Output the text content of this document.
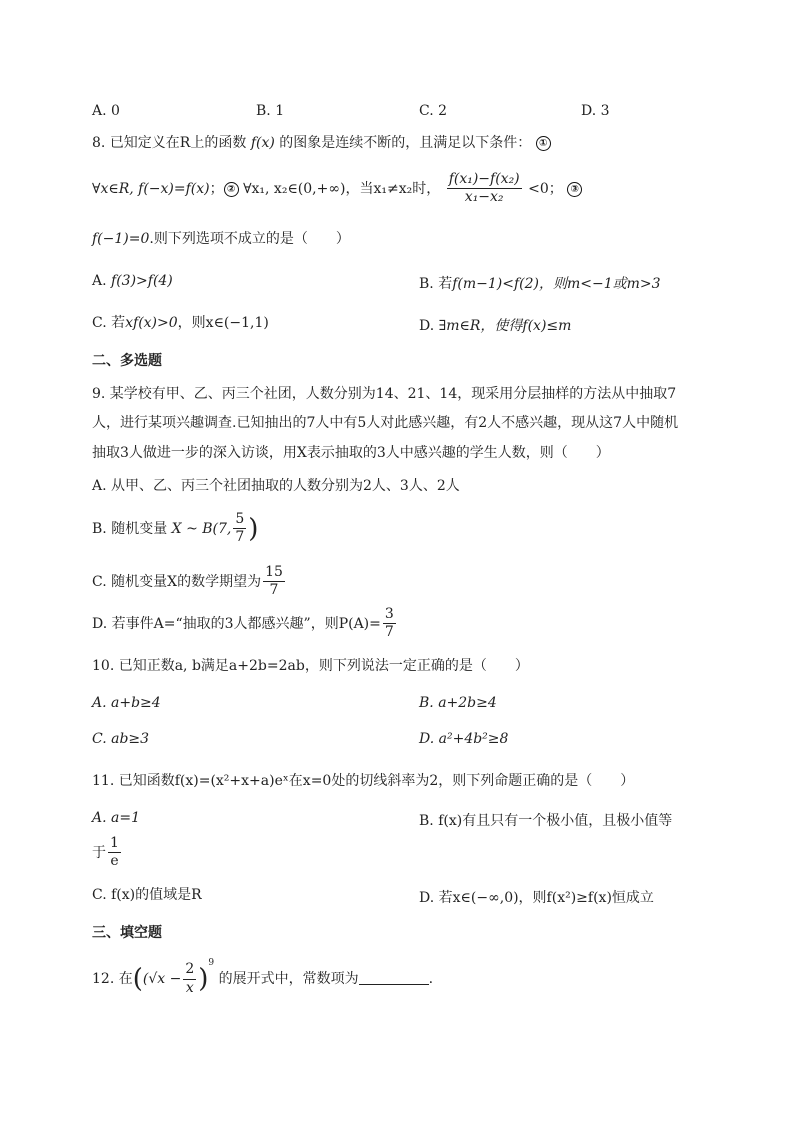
A. 0	B. 1	C. 2	D. 3
8. 已知定义在R上的函数 f(x) 的图象是连续不断的，且满足以下条件： ①
∀x∈R, f(−x)=f(x)； ② ∀x₁, x₂∈(0,+∞)，当x₁≠x₂时， $\frac{\text{f(x₁)−f(x₂)}}{\text{x₁−x₂}} <0$； ③
f(−1)=0.则下列选项不成立的是（　　）
A. f(3)>f(4)	B. 若f(m−1)<f(2)，则m<−1或m>3
C. 若xf(x)>0，则x∈(−1,1)	D. ∃m∈R，使得f(x)≤m
二、多选题
9. 某学校有甲、乙、丙三个社团，人数分别为14、21、14，现采用分层抽样的方法从中抽取7
人，进行某项兴趣调查.已知抽出的7人中有5人对此感兴趣，有2人不感兴趣，现从这7人中随机
抽取3人做进一步的深入访谈，用X表示抽取的3人中感兴趣的学生人数，则（　　）
A. 从甲、乙、丙三个社团抽取的人数分别为2人、3人、2人
B. 随机变量 X ~ B(7, $\frac{5}{7}$ )
C. 随机变量X的数学期望为 $\frac{15}{7}$
D. 若事件A=“抽取的3人都感兴趣”，则$P(A)= \frac{3}{7}$
10. 已知正数a, b满足a+2b=2ab，则下列说法一定正确的是（　　）
A. a+b≥4	B. a+2b≥4
C. ab≥3	D. a²+4b²≥8
11. 已知函数f(x)=(x²+x+a)eˣ在x=0处的切线斜率为2，则下列命题正确的是（　　）
A. a=1	B. f(x)有且只有一个极小值，且极小值等
于 $\frac{1}{e}$
C. f(x)的值域是R	D. 若x∈(−∞,0)，则f(x²)≥f(x)恒成立
三、填空题
12. 在($(√x - \frac{2}{x} )^9$ 的展开式中，常数项为	.
